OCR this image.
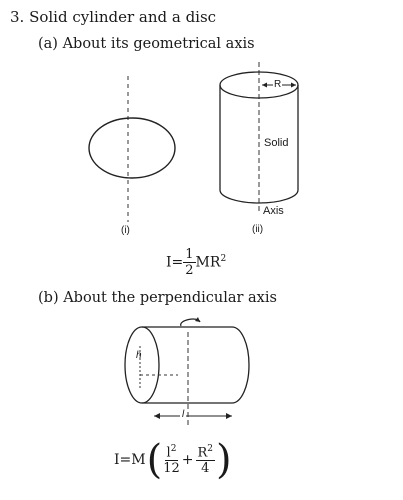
3. Solid cylinder and a disc
(a) About its geometrical axis
(i)	(ii)
R
Solid
Axis
$I= \frac{1}{2} MR^2$
(b) About the perpendicular axis
h
l
I = M ( $\frac{l^2}{12} + \frac{R^2}{4}$ )
